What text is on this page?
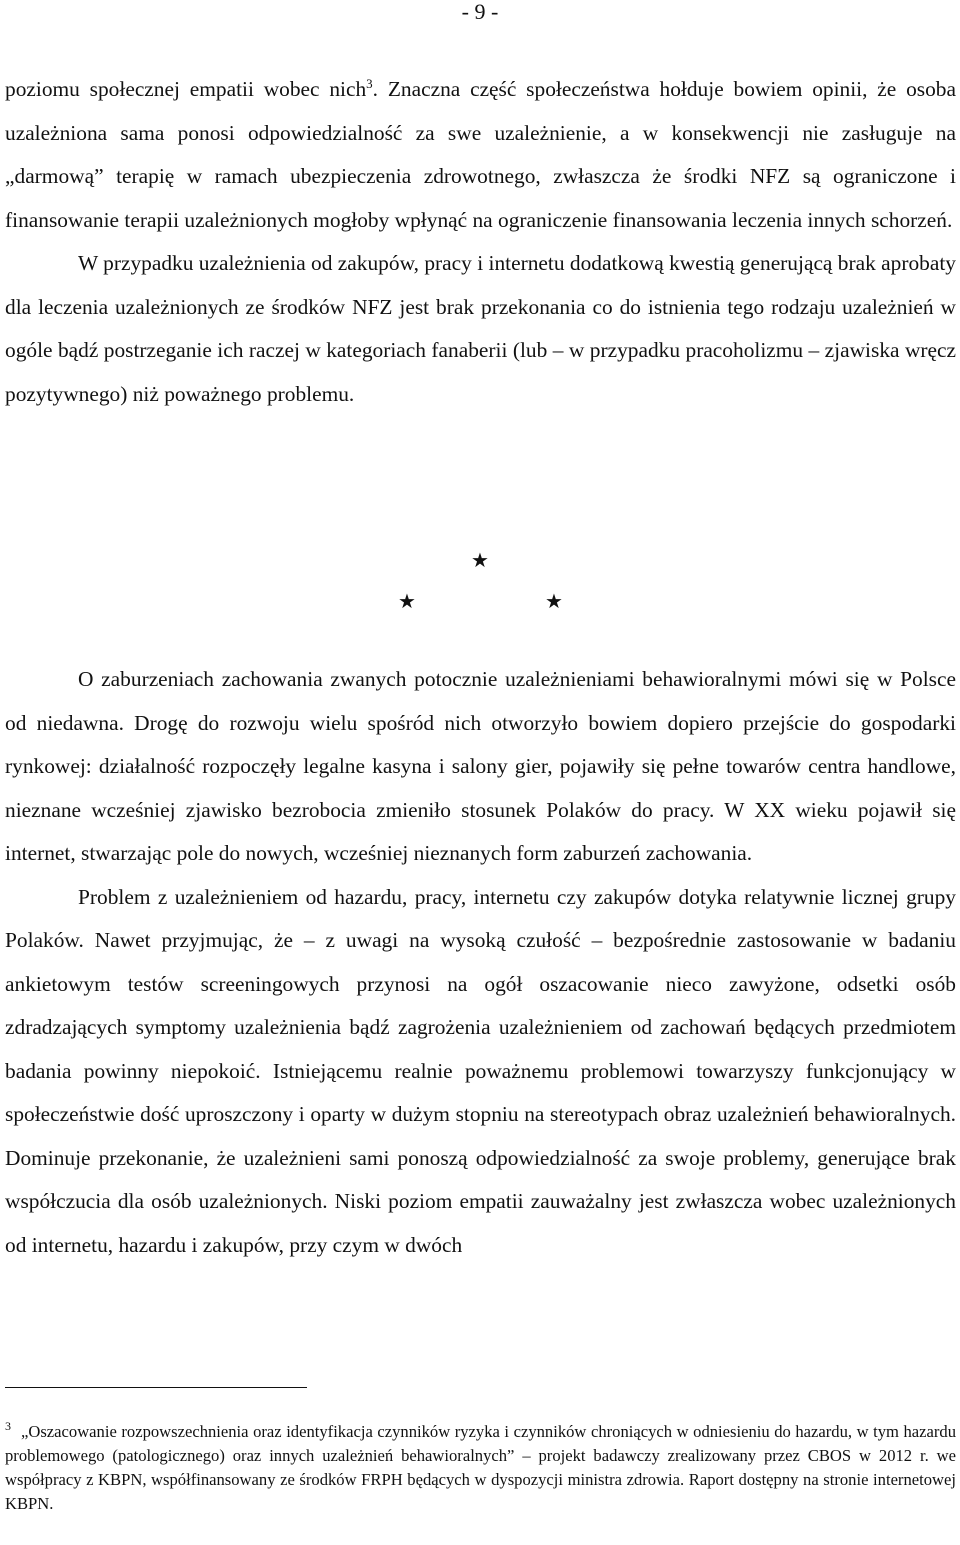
- 9 -

poziomu społecznej empatii wobec nich$^3$. Znaczna część społeczeństwa hołduje bowiem opinii, że osoba uzależniona sama ponosi odpowiedzialność za swe uzależnienie, a w konsekwencji nie zasługuje na „darmową” terapię w ramach ubezpieczenia zdrowotnego, zwłaszcza że środki NFZ są ograniczone i finansowanie terapii uzależnionych mogłoby wpłynąć na ograniczenie finansowania leczenia innych schorzeń.

W przypadku uzależnienia od zakupów, pracy i internetu dodatkową kwestią generującą brak aprobaty dla leczenia uzależnionych ze środków NFZ jest brak przekonania co do istnienia tego rodzaju uzależnień w ogóle bądź postrzeganie ich raczej w kategoriach fanaberii (lub – w przypadku pracoholizmu – zjawiska wręcz pozytywnego) niż poważnego problemu.

★
★	★

O zaburzeniach zachowania zwanych potocznie uzależnieniami behawioralnymi mówi się w Polsce od niedawna. Drogę do rozwoju wielu spośród nich otworzyło bowiem dopiero przejście do gospodarki rynkowej: działalność rozpoczęły legalne kasyna i salony gier, pojawiły się pełne towarów centra handlowe, nieznane wcześniej zjawisko bezrobocia zmieniło stosunek Polaków do pracy. W XX wieku pojawił się internet, stwarzając pole do nowych, wcześniej nieznanych form zaburzeń zachowania.

Problem z uzależnieniem od hazardu, pracy, internetu czy zakupów dotyka relatywnie licznej grupy Polaków. Nawet przyjmując, że – z uwagi na wysoką czułość – bezpośrednie zastosowanie w badaniu ankietowym testów screeningowych przynosi na ogół oszacowanie nieco zawyżone, odsetki osób zdradzających symptomy uzależnienia bądź zagrożenia uzależnieniem od zachowań będących przedmiotem badania powinny niepokoić. Istniejącemu realnie poważnemu problemowi towarzyszy funkcjonujący w społeczeństwie dość uproszczony i oparty w dużym stopniu na stereotypach obraz uzależnień behawioralnych. Dominuje przekonanie, że uzależnieni sami ponoszą odpowiedzialność za swoje problemy, generujące brak współczucia dla osób uzależnionych. Niski poziom empatii zauważalny jest zwłaszcza wobec uzależnionych od internetu, hazardu i zakupów, przy czym w dwóch

$^3$ „Oszacowanie rozpowszechnienia oraz identyfikacja czynników ryzyka i czynników chroniących w odniesieniu do hazardu, w tym hazardu problemowego (patologicznego) oraz innych uzależnień behawioralnych” – projekt badawczy zrealizowany przez CBOS w 2012 r. we współpracy z KBPN, współfinansowany ze środków FRPH będących w dyspozycji ministra zdrowia. Raport dostępny na stronie internetowej KBPN.
